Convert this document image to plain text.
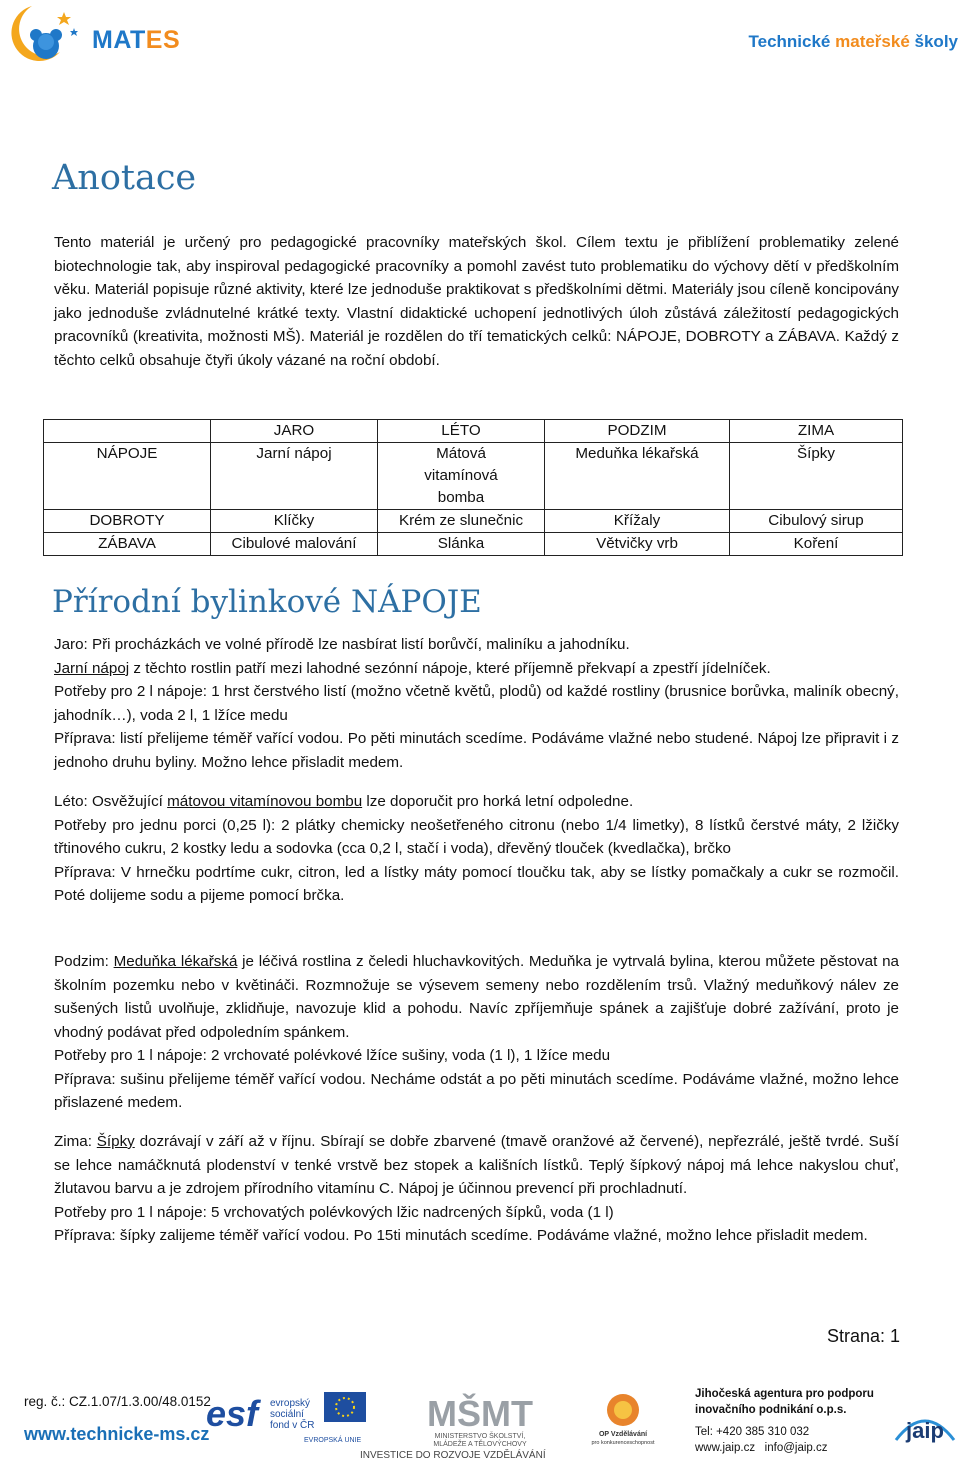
MATES	Technické mateřské školy
Anotace

Tento materiál je určený pro pedagogické pracovníky mateřských škol. Cílem textu je přiblížení problematiky zelené biotechnologie tak, aby inspiroval pedagogické pracovníky a pomohl zavést tuto problematiku do výchovy dětí v předškolním věku. Materiál popisuje různé aktivity, které lze jednoduše praktikovat s předškolními dětmi. Materiály jsou cíleně koncipovány jako jednoduše zvládnutelné krátké texty. Vlastní didaktické uchopení jednotlivých úloh zůstává záležitostí pedagogických pracovníků (kreativita, možnosti MŠ). Materiál je rozdělen do tří tematických celků: NÁPOJE, DOBROTY a ZÁBAVA. Každý z těchto celků obsahuje čtyři úkoly vázané na roční období.

	JARO	LÉTO	PODZIM	ZIMA
NÁPOJE	Jarní nápoj	Mátová vitamínová bomba	Meduňka lékařská	Šípky
DOBROTY	Klíčky	Krém ze slunečnic	Křížaly	Cibulový sirup
ZÁBAVA	Cibulové malování	Slánka	Větvičky vrb	Koření
Přírodní bylinkové NÁPOJE
Jaro: Při procházkách ve volné přírodě lze nasbírat listí borůvčí, maliníku a jahodníku.
Jarní nápoj z těchto rostlin patří mezi lahodné sezónní nápoje, které příjemně překvapí a zpestří jídelníček.
Potřeby pro 2 l nápoje: 1 hrst čerstvého listí (možno včetně květů, plodů) od každé rostliny (brusnice borůvka, maliník obecný, jahodník…), voda 2 l, 1 lžíce medu
Příprava: listí přelijeme téměř vařící vodou. Po pěti minutách scedíme. Podáváme vlažné nebo studené. Nápoj lze připravit i z jednoho druhu byliny. Možno lehce přisladit medem.
Léto: Osvěžující mátovou vitamínovou bombu lze doporučit pro horká letní odpoledne.
Potřeby pro jednu porci (0,25 l): 2 plátky chemicky neošetřeného citronu (nebo 1/4 limetky), 8 lístků čerstvé máty, 2 lžičky třtinového cukru, 2 kostky ledu a sodovka (cca 0,2 l, stačí i voda), dřevěný tlouček (kvedlačka), brčko
Příprava: V hrnečku podrtíme cukr, citron, led a lístky máty pomocí tloučku tak, aby se lístky pomačkaly a cukr se rozmočil. Poté dolijeme sodu a pijeme pomocí brčka.
Podzim: Meduňka lékařská je léčivá rostlina z čeledi hluchavkovitých. Meduňka je vytrvalá bylina, kterou můžete pěstovat na školním pozemku nebo v květináči. Rozmnožuje se výsevem semeny nebo rozdělením trsů. Vlažný meduňkový nálev ze sušených listů uvolňuje, zklidňuje, navozuje klid a pohodu. Navíc zpříjemňuje spánek a zajišťuje dobré zažívání, proto je vhodný podávat před odpoledním spánkem.
Potřeby pro 1 l nápoje: 2 vrchovaté polévkové lžíce sušiny, voda (1 l), 1 lžíce medu
Příprava: sušinu přelijeme téměř vařící vodou. Necháme odstát a po pěti minutách scedíme. Podáváme vlažné, možno lehce přislazené medem.
Zima: Šípky dozrávají v září až v říjnu. Sbírají se dobře zbarvené (tmavě oranžové až červené), nepřezrálé, ještě tvrdé. Suší se lehce namáčknutá plodenství v tenké vrstvě bez stopek a kališních lístků. Teplý šípkový nápoj má lehce nakyslou chuť, žlutavou barvu a je zdrojem přírodního vitamínu C. Nápoj je účinnou prevencí při prochladnutí.
Potřeby pro 1 l nápoje: 5 vrchovatých polévkových lžic nadrcených šípků, voda (1 l)
Příprava: šípky zalijeme téměř vařící vodou. Po 15ti minutách scedíme. Podáváme vlažné, možno lehce přisladit medem.
Strana: 1
reg. č.: CZ.1.07/1.3.00/48.0152
www.technicke-ms.cz
esf	evropský
sociální
fond v ČR
EVROPSKÁ UNIE
MŠMT
MINISTERSTVO ŠKOLSTVÍ,
MLÁDEŽE A TĚLOVÝCHOVY
OP Vzdělávání
pro konkurenceschopnost
INVESTICE DO ROZVOJE VZDĚLÁVÁNÍ
Jihočeská agentura pro podporu
inovačního podnikání o.p.s.
Tel: +420 385 310 032
www.jaip.cz info@jaip.cz
jaip
